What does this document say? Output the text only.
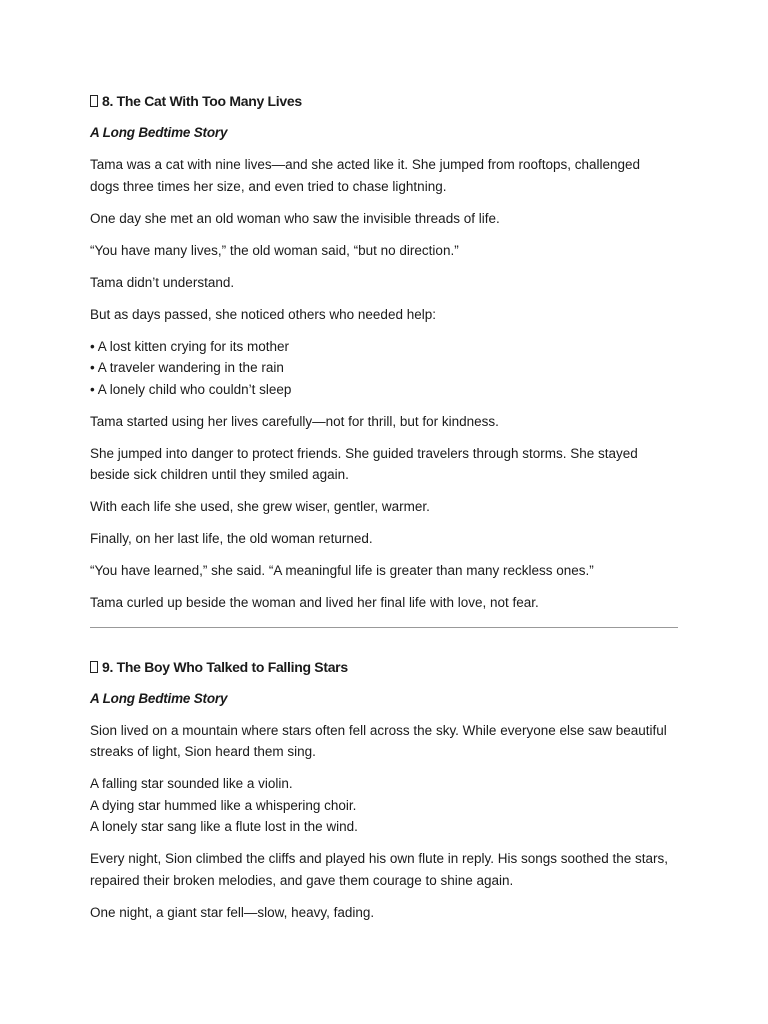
8. The Cat With Too Many Lives
A Long Bedtime Story

Tama was a cat with nine lives—and she acted like it. She jumped from rooftops, challenged
dogs three times her size, and even tried to chase lightning.

One day she met an old woman who saw the invisible threads of life.

“You have many lives,” the old woman said, “but no direction.”

Tama didn’t understand.

But as days passed, she noticed others who needed help:

• A lost kitten crying for its mother
• A traveler wandering in the rain
• A lonely child who couldn’t sleep

Tama started using her lives carefully—not for thrill, but for kindness.

She jumped into danger to protect friends. She guided travelers through storms. She stayed
beside sick children until they smiled again.

With each life she used, she grew wiser, gentler, warmer.

Finally, on her last life, the old woman returned.

“You have learned,” she said. “A meaningful life is greater than many reckless ones.”

Tama curled up beside the woman and lived her final life with love, not fear.

9. The Boy Who Talked to Falling Stars
A Long Bedtime Story

Sion lived on a mountain where stars often fell across the sky. While everyone else saw beautiful
streaks of light, Sion heard them sing.

A falling star sounded like a violin.
A dying star hummed like a whispering choir.
A lonely star sang like a flute lost in the wind.

Every night, Sion climbed the cliffs and played his own flute in reply. His songs soothed the stars,
repaired their broken melodies, and gave them courage to shine again.

One night, a giant star fell—slow, heavy, fading.
